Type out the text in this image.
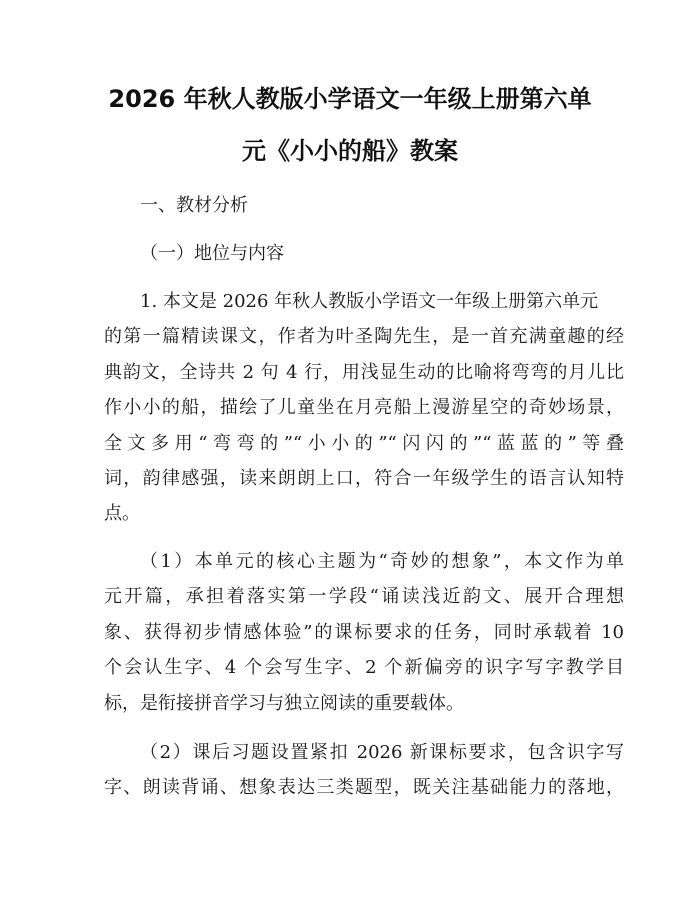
2026 年秋人教版小学语文一年级上册第六单
元《小小的船》教案
一、教材分析
（一）地位与内容
1. 本文是 2026 年秋人教版小学语文一年级上册第六单元
的第一篇精读课文，作者为叶圣陶先生，是一首充满童趣的经
典韵文，全诗共 2 句 4 行，用浅显生动的比喻将弯弯的月儿比
作小小的船，描绘了儿童坐在月亮船上漫游星空的奇妙场景，
全文多用“弯弯的”“小小的”“闪闪的”“蓝蓝的”等叠
词，韵律感强，读来朗朗上口，符合一年级学生的语言认知特
点。
（1）本单元的核心主题为“奇妙的想象”，本文作为单
元开篇，承担着落实第一学段“诵读浅近韵文、展开合理想
象、获得初步情感体验”的课标要求的任务，同时承载着 10
个会认生字、4 个会写生字、2 个新偏旁的识字写字教学目
标，是衔接拼音学习与独立阅读的重要载体。
（2）课后习题设置紧扣 2026 新课标要求，包含识字写
字、朗读背诵、想象表达三类题型，既关注基础能力的落地，
